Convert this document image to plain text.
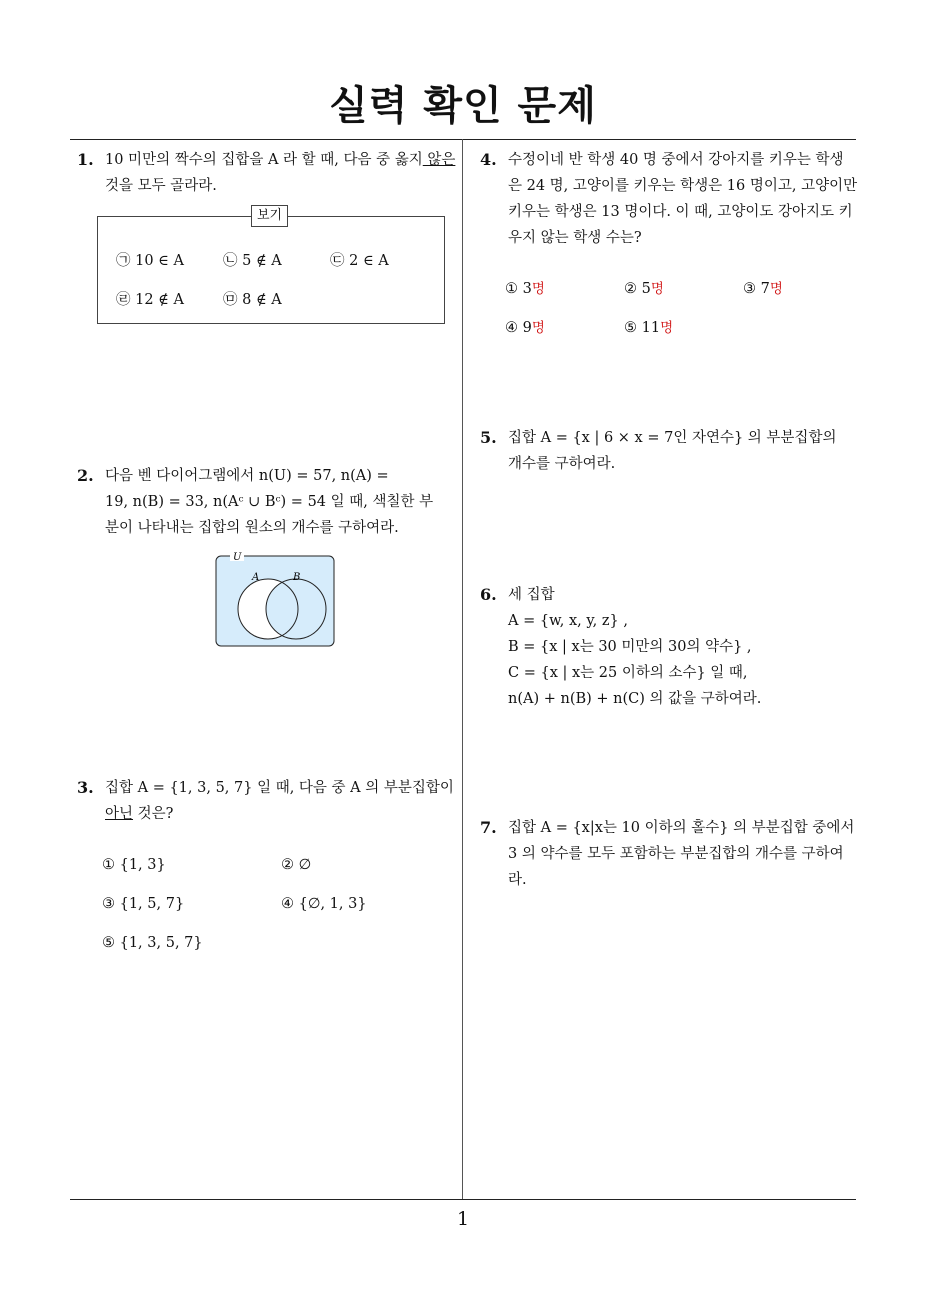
실력 확인 문제
1. 10 미만의 짝수의 집합을 A 라 할 때, 다음 중 옳지 않은
것을 모두 골라라.
보기
㉠ 10 ∈ A	㉡ 5 ∉ A	㉢ 2 ∈ A
㉣ 12 ∉ A	㉤ 8 ∉ A
2. 다음 벤 다이어그램에서 n(U) = 57, n(A) =
19, n(B) = 33, n(Aᶜ ∪ Bᶜ) = 54 일 때, 색칠한 부
분이 나타내는 집합의 원소의 개수를 구하여라.
U
A	B
3. 집합 A = {1, 3, 5, 7} 일 때, 다음 중 A 의 부분집합이
아닌 것은?
① {1, 3}	② ∅
③ {1, 5, 7}	④ {∅, 1, 3}
⑤ {1, 3, 5, 7}
4. 수정이네 반 학생 40 명 중에서 강아지를 키우는 학생
은 24 명, 고양이를 키우는 학생은 16 명이고, 고양이만
키우는 학생은 13 명이다. 이 때, 고양이도 강아지도 키
우지 않는 학생 수는?
① 3명	② 5명	③ 7명
④ 9명	⑤ 11명
5. 집합 A = {x | 6 × x = 7인 자연수} 의 부분집합의
개수를 구하여라.
6. 세 집합
A = {w, x, y, z} ,
B = {x | x는 30 미만의 30의 약수} ,
C = {x | x는 25 이하의 소수} 일 때,
n(A) + n(B) + n(C) 의 값을 구하여라.
7. 집합 A = {x|x는 10 이하의 홀수} 의 부분집합 중에서
3 의 약수를 모두 포함하는 부분집합의 개수를 구하여
라.
1
